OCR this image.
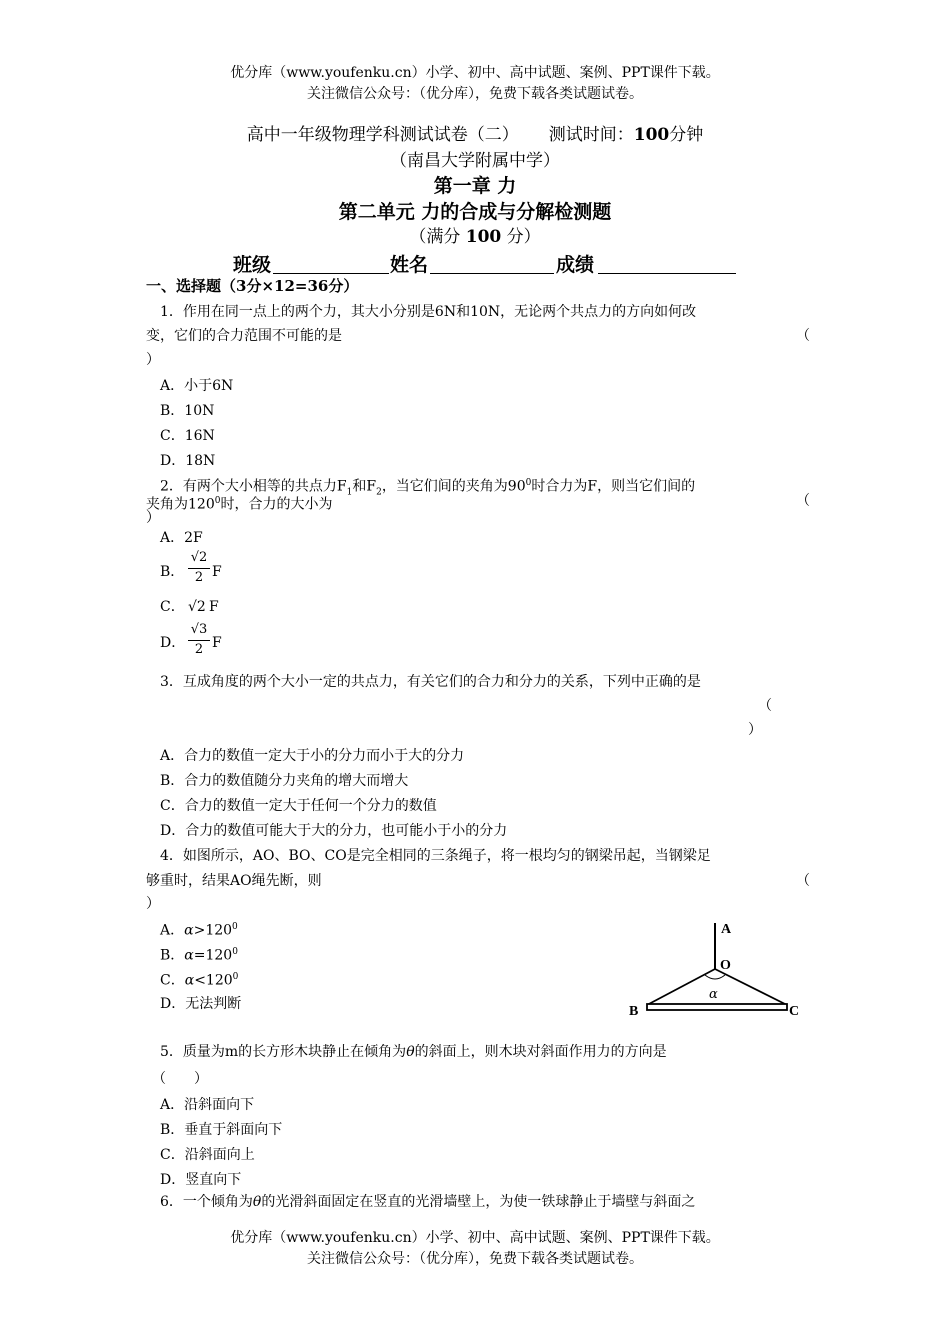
优分库（www.youfenku.cn）小学、初中、高中试题、案例、PPT课件下载。
关注微信公众号：（优分库），免费下载各类试题试卷。
高中一年级物理学科测试试卷（二） 测试时间：100分钟
（南昌大学附属中学）
第一章 力
第二单元 力的合成与分解检测题
（满分 100 分）
班级	姓名	成绩
一、选择题（3分×12=36分）
1．作用在同一点上的两个力，其大小分别是6N和10N，无论两个共点力的方向如何改
变，它们的合力范围不可能的是	（
）
A．小于6N
B．10N
C．16N
D．18N
2．有两个大小相等的共点力$F_1$和$F_2$，当它们间的夹角为$90^0$时合力为F，则当它们间的
夹角为$120^0$时，合力的大小为	（
）
A．2F
B．
√2
2 F
C． √2 F
D．
√3
2 F
3．互成角度的两个大小一定的共点力，有关它们的合力和分力的关系，下列中正确的是
（
）
A．合力的数值一定大于小的分力而小于大的分力
B．合力的数值随分力夹角的增大而增大
C．合力的数值一定大于任何一个分力的数值
D．合力的数值可能大于大的分力，也可能小于小的分力
4．如图所示，AO、BO、CO是完全相同的三条绳子，将一根均匀的钢梁吊起，当钢梁足
够重时，结果AO绳先断，则	（
）
A．$\alpha>120^0$
B．$\alpha=120^0$
C．$\alpha<120^0$
D．无法判断
A
O
α
B	C
5．质量为m的长方形木块静止在倾角为θ的斜面上，则木块对斜面作用力的方向是
（　　）
A．沿斜面向下
B．垂直于斜面向下
C．沿斜面向上
D．竖直向下
6．一个倾角为θ的光滑斜面固定在竖直的光滑墙壁上，为使一铁球静止于墙壁与斜面之
优分库（www.youfenku.cn）小学、初中、高中试题、案例、PPT课件下载。
关注微信公众号：（优分库），免费下载各类试题试卷。
